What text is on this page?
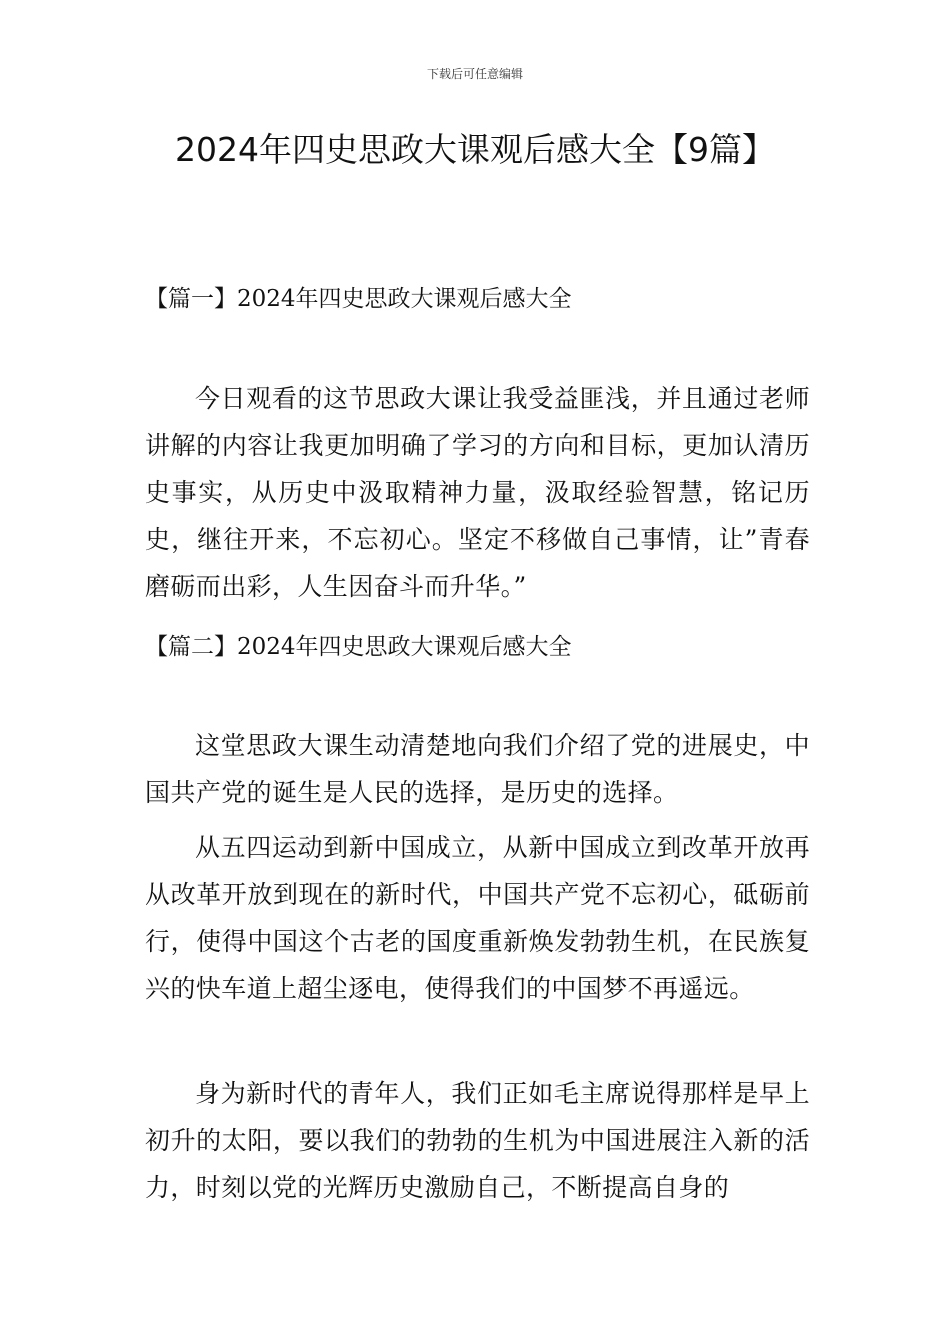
下载后可任意编辑
2024年四史思政大课观后感大全【9篇】
【篇一】2024年四史思政大课观后感大全

今日观看的这节思政大课让我受益匪浅，并且通过老师讲解的内容让我更加明确了学习的方向和目标，更加认清历史事实，从历史中汲取精神力量，汲取经验智慧，铭记历史，继往开来，不忘初心。坚定不移做自己事情，让”青春磨砺而出彩，人生因奋斗而升华。”

【篇二】2024年四史思政大课观后感大全

这堂思政大课生动清楚地向我们介绍了党的进展史，中国共产党的诞生是人民的选择，是历史的选择。

从五四运动到新中国成立，从新中国成立到改革开放再从改革开放到现在的新时代，中国共产党不忘初心，砥砺前行，使得中国这个古老的国度重新焕发勃勃生机，在民族复兴的快车道上超尘逐电，使得我们的中国梦不再遥远。

身为新时代的青年人，我们正如毛主席说得那样是早上初升的太阳，要以我们的勃勃的生机为中国进展注入新的活力，时刻以党的光辉历史激励自己，不断提高自身的
